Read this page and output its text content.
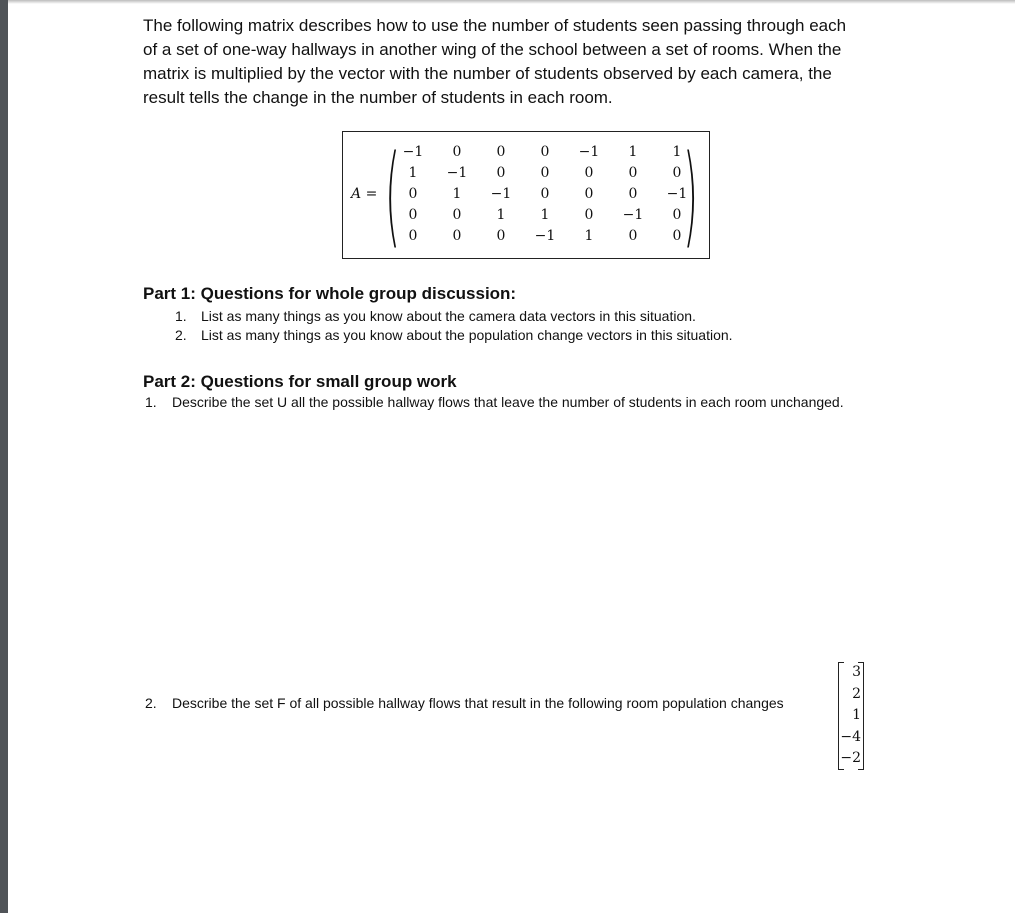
The following matrix describes how to use the number of students seen passing through each
of a set of one-way hallways in another wing of the school between a set of rooms. When the
matrix is multiplied by the vector with the number of students observed by each camera, the
result tells the change in the number of students in each room.
A = (	)
−1	0	0	0	−1	1	1
1	−1	0	0	0	0	0
0	1	−1	0	0	0	−1
0	0	1	1	0	−1	0
0	0	0	−1	1	0	0
Part 1: Questions for whole group discussion:
1. List as many things as you know about the camera data vectors in this situation.
2. List as many things as you know about the population change vectors in this situation.
Part 2: Questions for small group work
1. Describe the set U all the possible hallway flows that leave the number of students in each room unchanged.
2. Describe the set F of all possible hallway flows that result in the following room population changes
3
2
1
−4
−2
